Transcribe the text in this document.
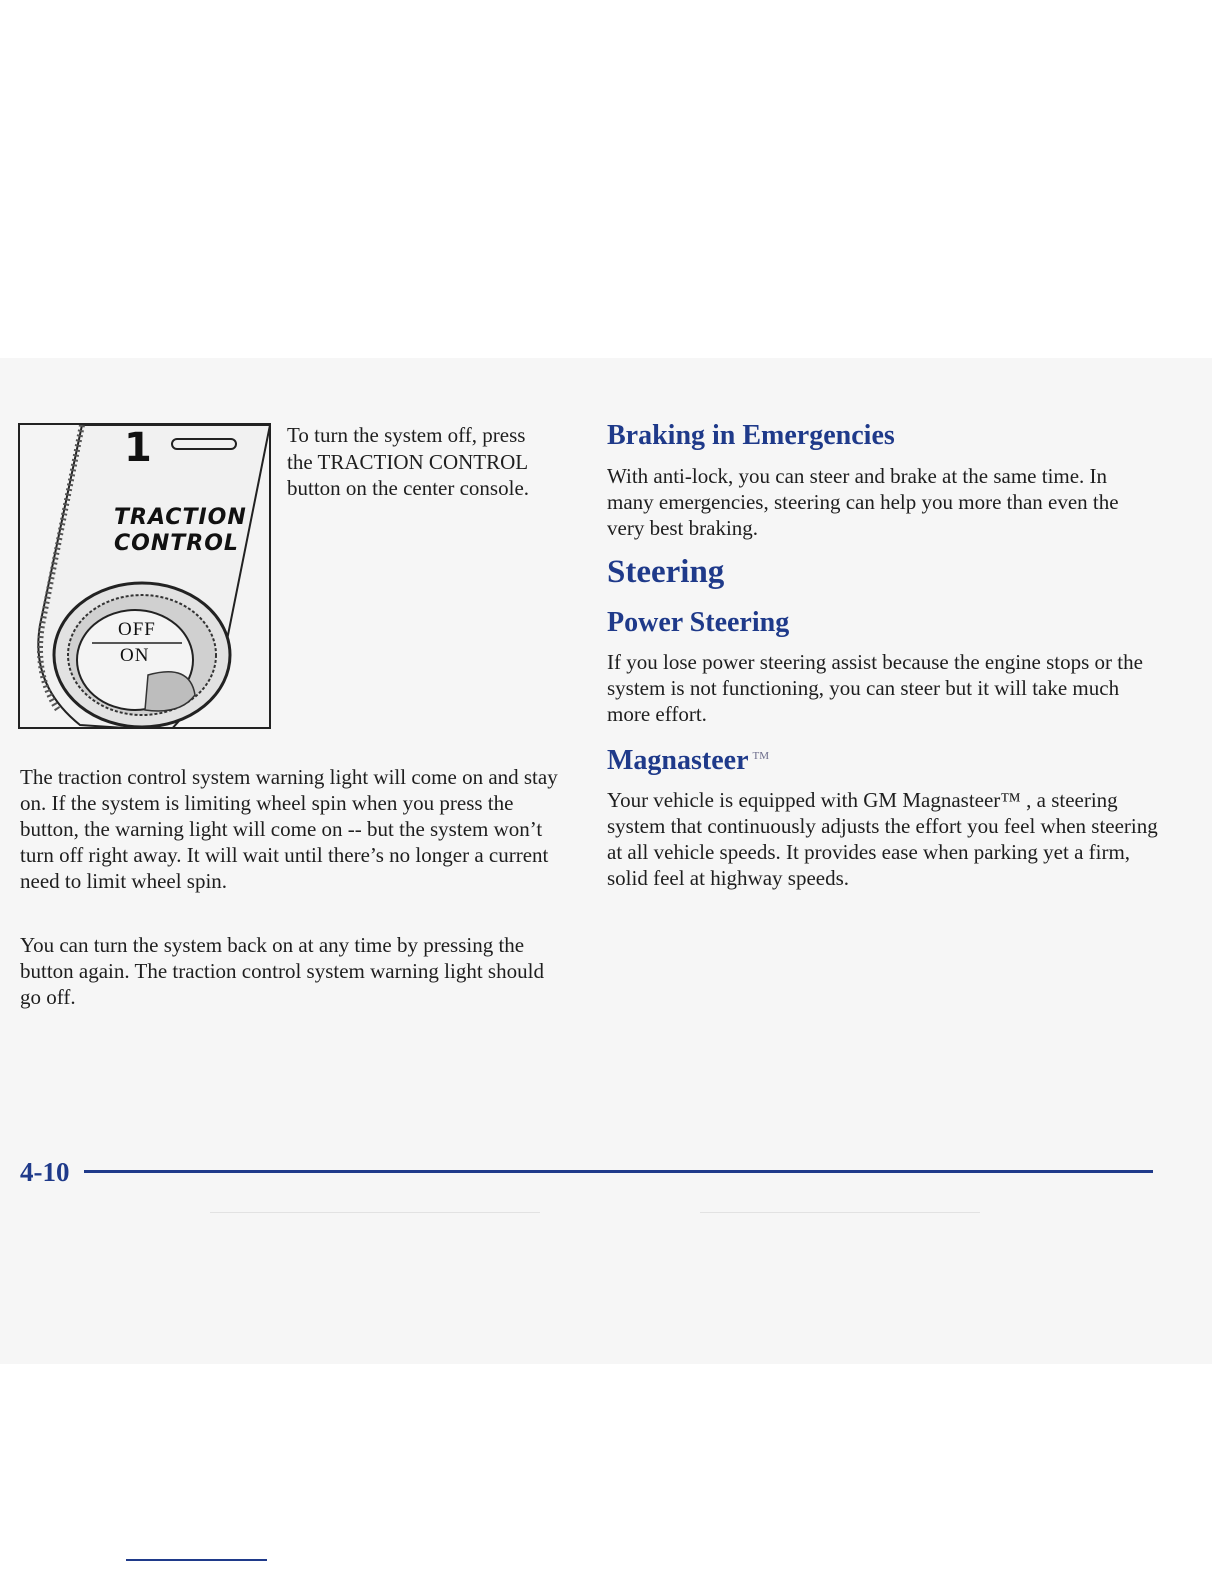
1
TRACTION
CONTROL
OFF
ON

To turn the system off, press the TRACTION CONTROL button on the center console.

The traction control system warning light will come on and stay on. If the system is limiting wheel spin when you press the button, the warning light will come on -- but the system won’t turn off right away. It will wait until there’s no longer a current need to limit wheel spin.

You can turn the system back on at any time by pressing the button again. The traction control system warning light should go off.

Braking in Emergencies

With anti-lock, you can steer and brake at the same time. In many emergencies, steering can help you more than even the very best braking.

Steering
Power Steering

If you lose power steering assist because the engine stops or the system is not functioning, you can steer but it will take much more effort.

Magnasteer ™

Your vehicle is equipped with GM Magnasteer™ , a steering system that continuously adjusts the effort you feel when steering at all vehicle speeds. It provides ease when parking yet a firm, solid feel at highway speeds.

4-10
